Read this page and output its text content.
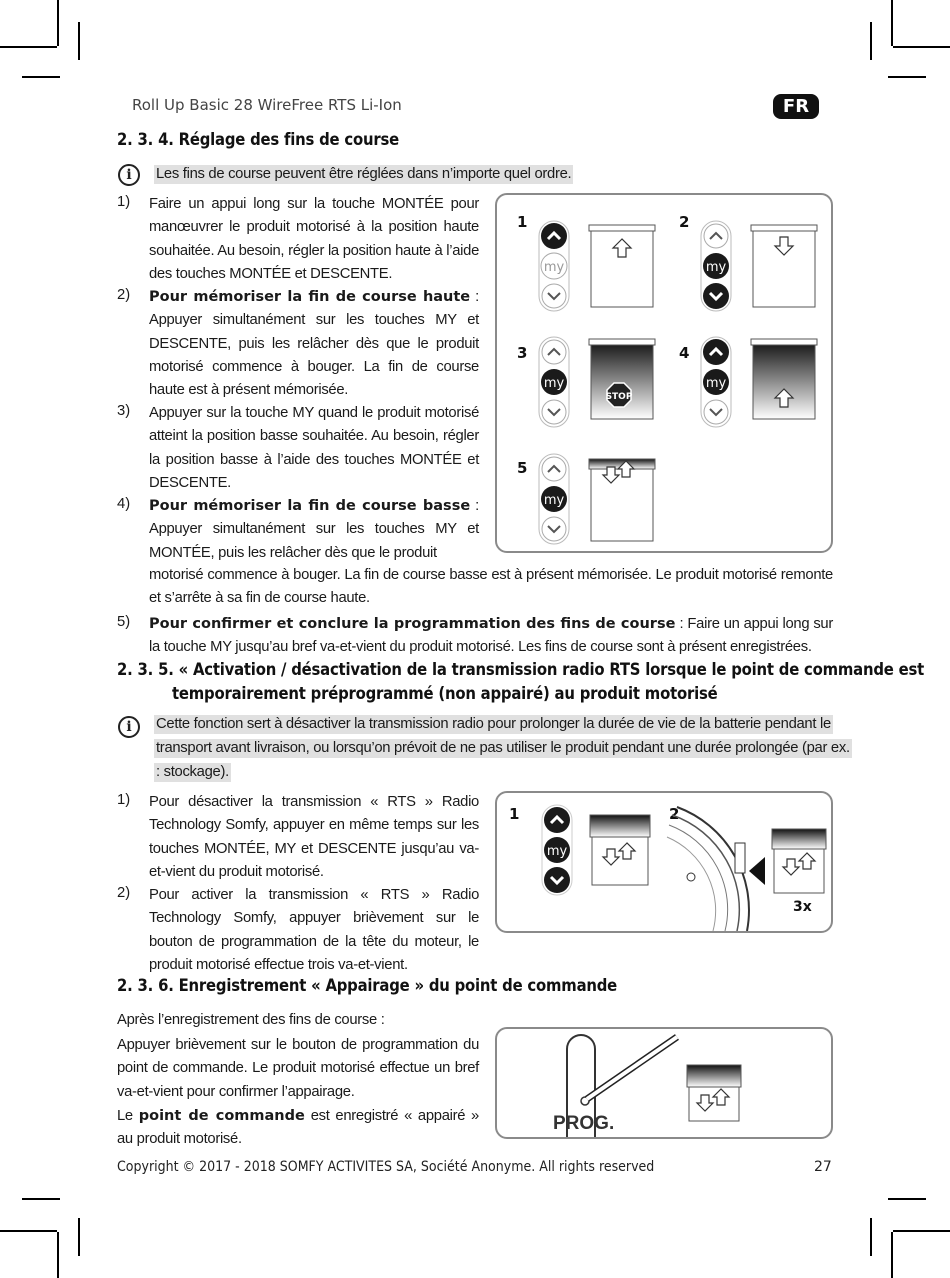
Roll Up Basic 28 WireFree RTS Li-Ion	FR
2. 3. 4. Réglage des fins de course
i	Les fins de course peuvent être réglées dans n’importe quel ordre.
1) Faire un appui long sur la touche MONTÉE pour manœuvrer le produit motorisé à la position haute souhaitée. Au besoin, régler la position haute à l’aide des touches MONTÉE et DESCENTE.
2) Pour mémoriser la fin de course haute : Appuyer simultanément sur les touches MY et DESCENTE, puis les relâcher dès que le produit motorisé commence à bouger. La fin de course haute est à présent mémorisée.
3) Appuyer sur la touche MY quand le produit motorisé atteint la position basse souhaitée. Au besoin, régler la position basse à l’aide des touches MONTÉE et DESCENTE.
4) Pour mémoriser la fin de course basse : Appuyer simultanément sur les touches MY et MONTÉE, puis les relâcher dès que le produit
motorisé commence à bouger. La fin de course basse est à présent mémorisée. Le produit motorisé remonte et s’arrête à sa fin de course haute.
5) Pour confirmer et conclure la programmation des fins de course : Faire un appui long sur la touche MY jusqu’au bref va-et-vient du produit motorisé. Les fins de course sont à présent enregistrées.
1
my
2
my
3
my
STOP
4
my
5
my
2. 3. 5. « Activation / désactivation de la transmission radio RTS lorsque le point de commande est
temporairement préprogrammé (non appairé) au produit motorisé
i	Cette fonction sert à désactiver la transmission radio pour prolonger la durée de vie de la batterie pendant le
transport avant livraison, ou lorsqu’on prévoit de ne pas utiliser le produit pendant une durée prolongée (par ex.
: stockage).
1) Pour désactiver la transmission « RTS » Radio Technology Somfy, appuyer en même temps sur les touches MONTÉE, MY et DESCENTE jusqu’au va-et-vient du produit motorisé.
2) Pour activer la transmission « RTS » Radio Technology Somfy, appuyer brièvement sur le bouton de programmation de la tête du moteur, le produit motorisé effectue trois va-et-vient.
1
my
2
3x
2. 3. 6. Enregistrement « Appairage » du point de commande
Après l’enregistrement des fins de course :
Appuyer brièvement sur le bouton de programmation du point de commande. Le produit motorisé effectue un bref va-et-vient pour confirmer l’appairage.
Le point de commande est enregistré « appairé » au produit motorisé.
PROG.
Copyright © 2017 - 2018 SOMFY ACTIVITES SA, Société Anonyme. All rights reserved	27
